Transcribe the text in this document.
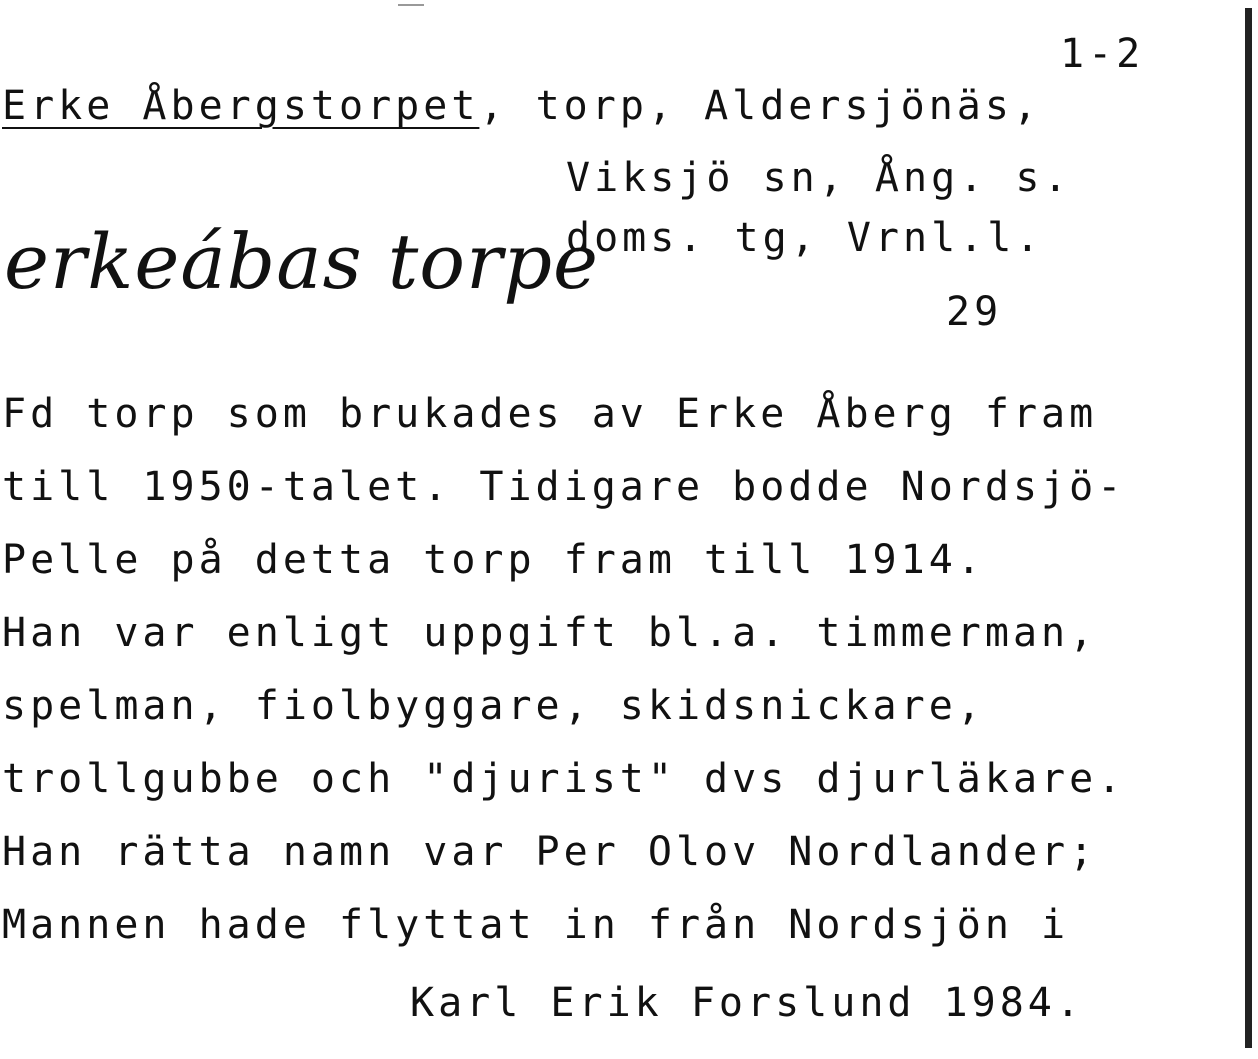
1-2
Erke Åbergstorpet, torp, Aldersjönäs,
Viksjö sn, Ång. s.
doms. tg, Vrnl.l.
erkeábas torpe
29
Fd torp som brukades av Erke Åberg fram
till 1950-talet. Tidigare bodde Nordsjö-
Pelle på detta torp fram till 1914.
Han var enligt uppgift bl.a. timmerman,
spelman, fiolbyggare, skidsnickare,
trollgubbe och "djurist" dvs djurläkare.
Han rätta namn var Per Olov Nordlander;
Mannen hade flyttat in från Nordsjön i
Karl Erik Forslund 1984.
